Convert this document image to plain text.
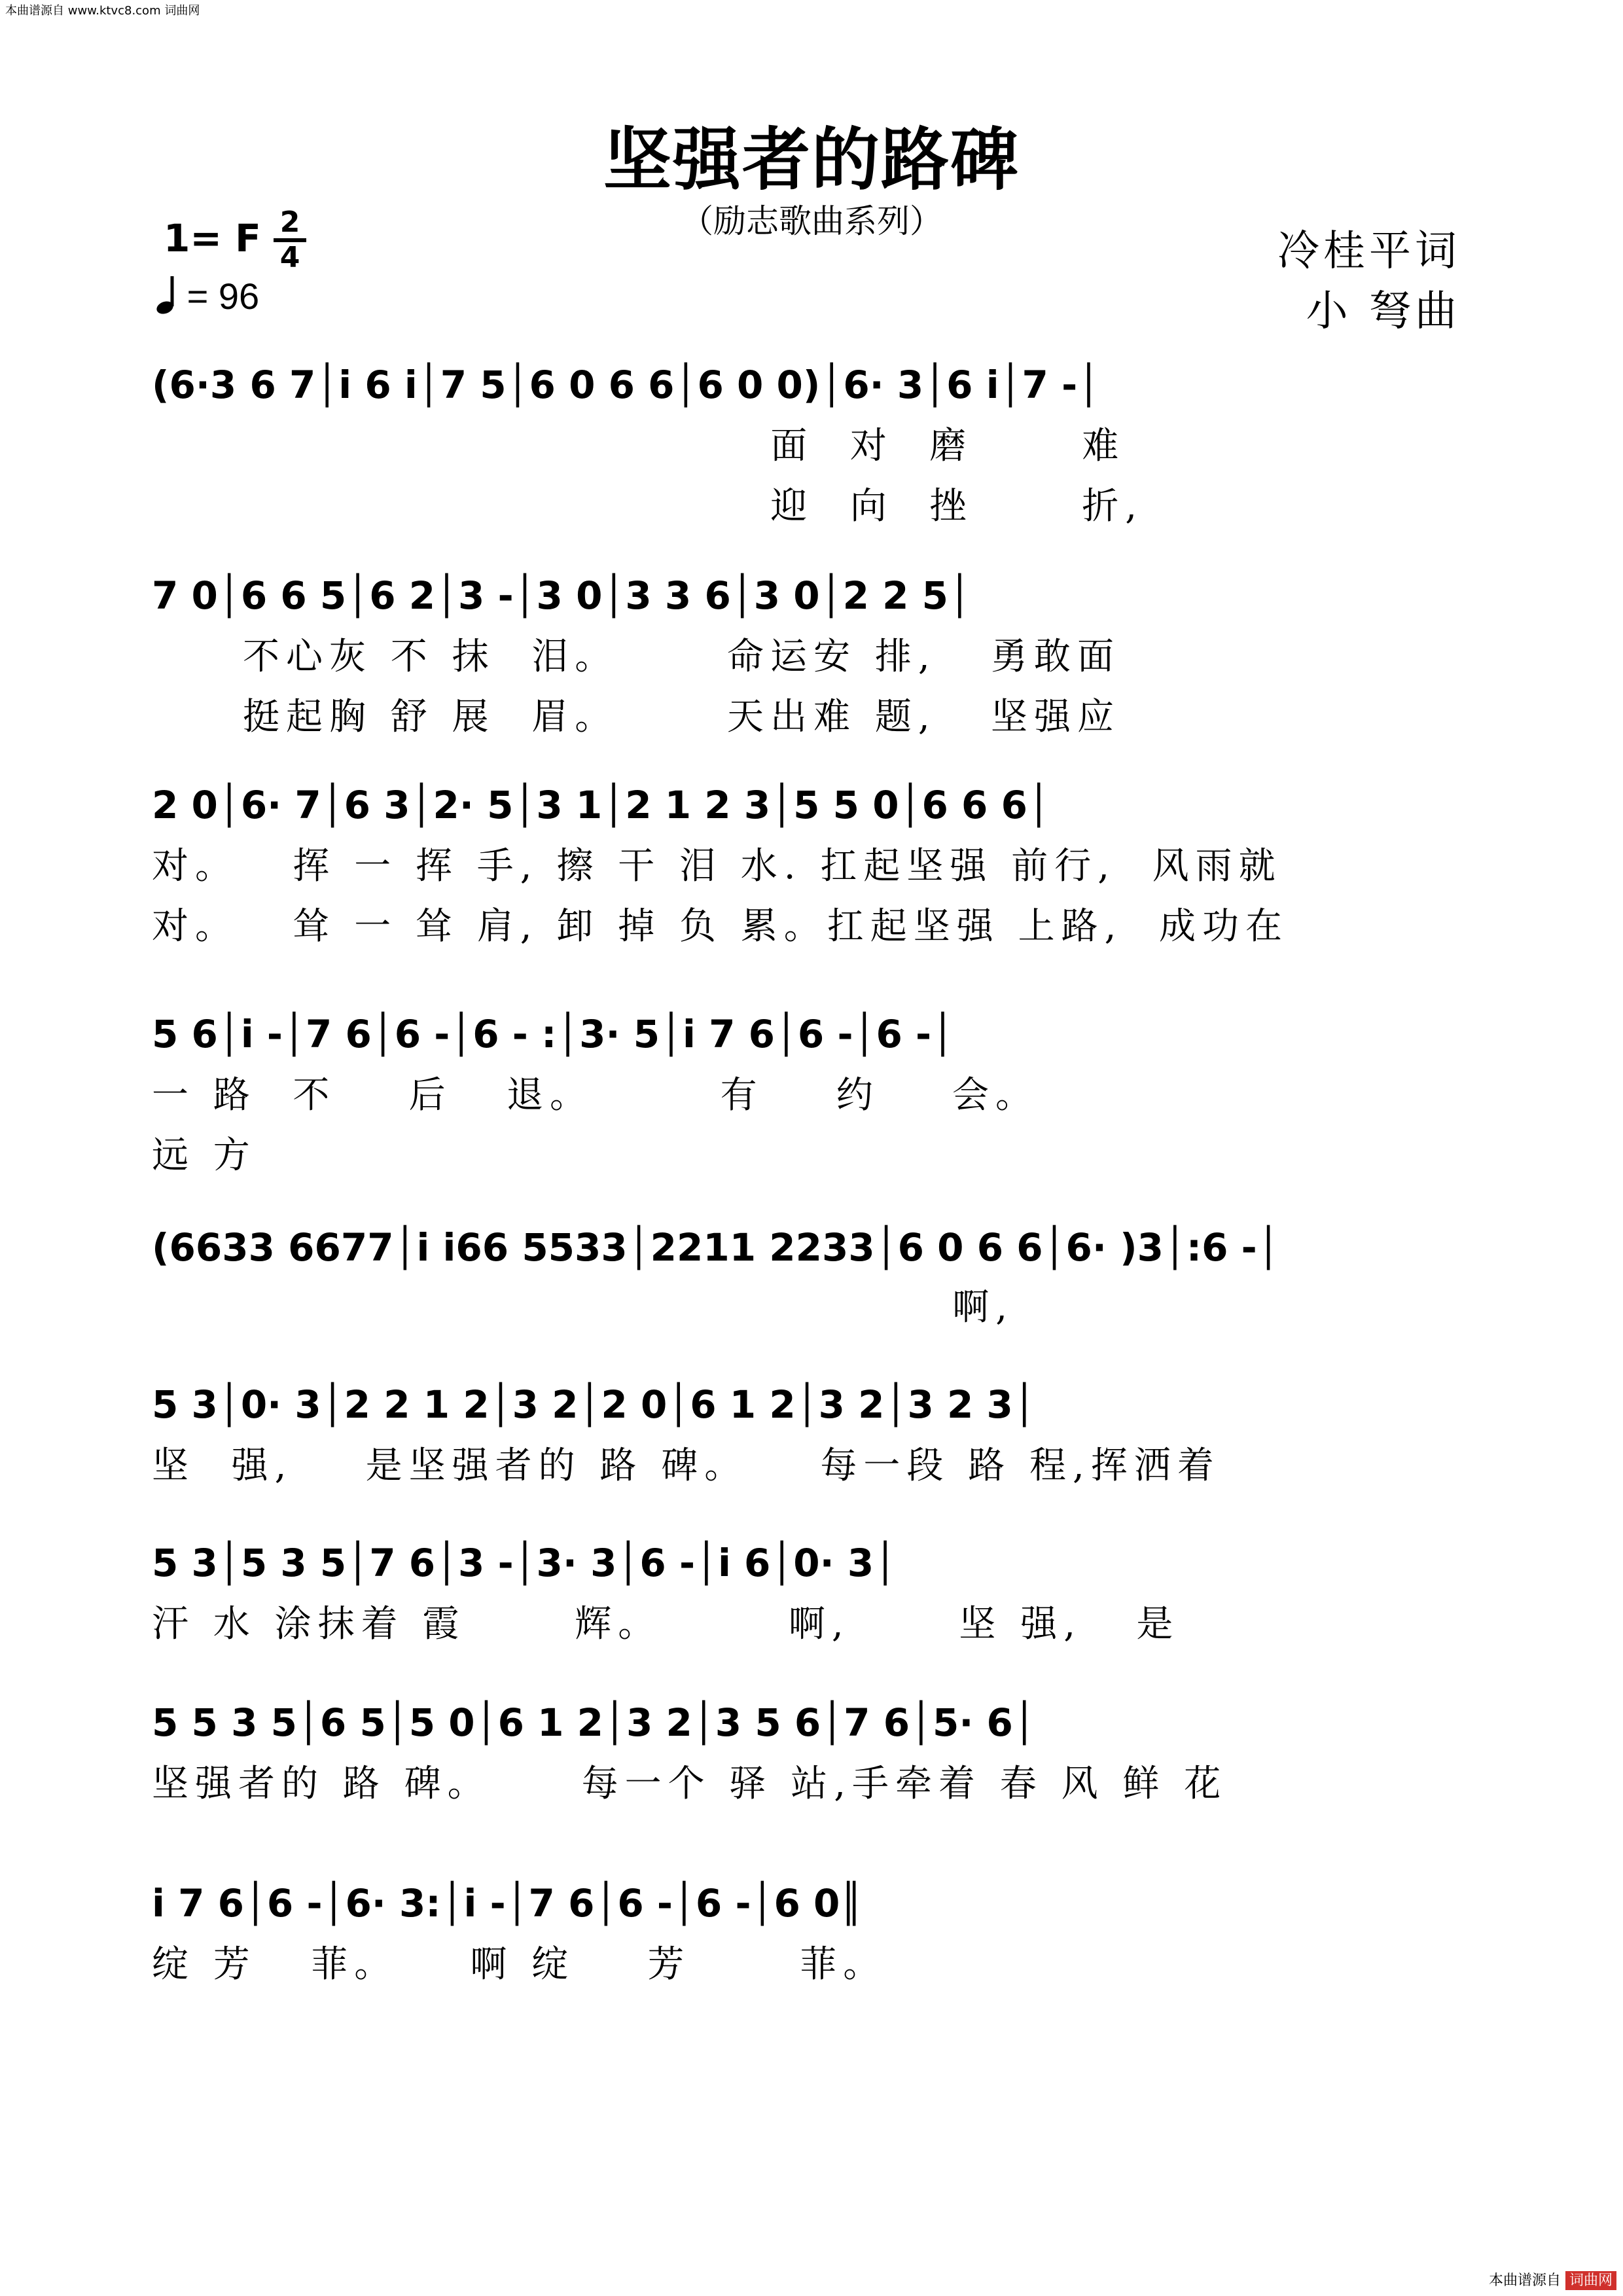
本曲谱源自 www.ktvc8.com 词曲网
坚强者的路碑
（励志歌曲系列）
1= F 2
4
= 96
冷桂平词
小 弩曲
(6·3 6 7│i 6 i│7 5│6 0 6 6│6 0 0)│6· 3│6 i│7 -│
面  对  磨      难
迎  向  挫      折,
7 0│6 6 5│6 2│3 -│3 0│3 3 6│3 0│2 2 5│
不心灰 不 抹  泪。      命运安 排,   勇敢面
挺起胸 舒 展  眉。      天出难 题,   坚强应
2 0│6· 7│6 3│2· 5│3 1│2 1 2 3│5 5 0│6 6 6│
对。   挥 一 挥 手, 擦 干 泪 水. 扛起坚强 前行,  风雨就
对。   耸 一 耸 肩, 卸 掉 负 累。扛起坚强 上路,  成功在
5 6│i -│7 6│6 -│6 - :│3· 5│i 7 6│6 -│6 -│
一 路  不    后   退。       有    约    会。
远 方
(6633 6677│i i66 5533│2211 2233│6 0 6 6│6· )3│:6 -│
啊,
5 3│0· 3│2 2 1 2│3 2│2 0│6 1 2│3 2│3 2 3│
坚  强,    是坚强者的 路 碑。    每一段 路 程,挥洒着
5 3│5 3 5│7 6│3 -│3· 3│6 -│i 6│0· 3│
汗 水 涂抹着 霞      辉。       啊,      坚 强,   是
5 5 3 5│6 5│5 0│6 1 2│3 2│3 5 6│7 6│5· 6│
坚强者的 路 碑。     每一个 驿 站,手牵着 春 风 鲜 花
i 7 6│6 -│6· 3:│i -│7 6│6 -│6 -│6 0║
绽 芳   菲。    啊 绽    芳      菲。
本曲谱源自 词曲网
